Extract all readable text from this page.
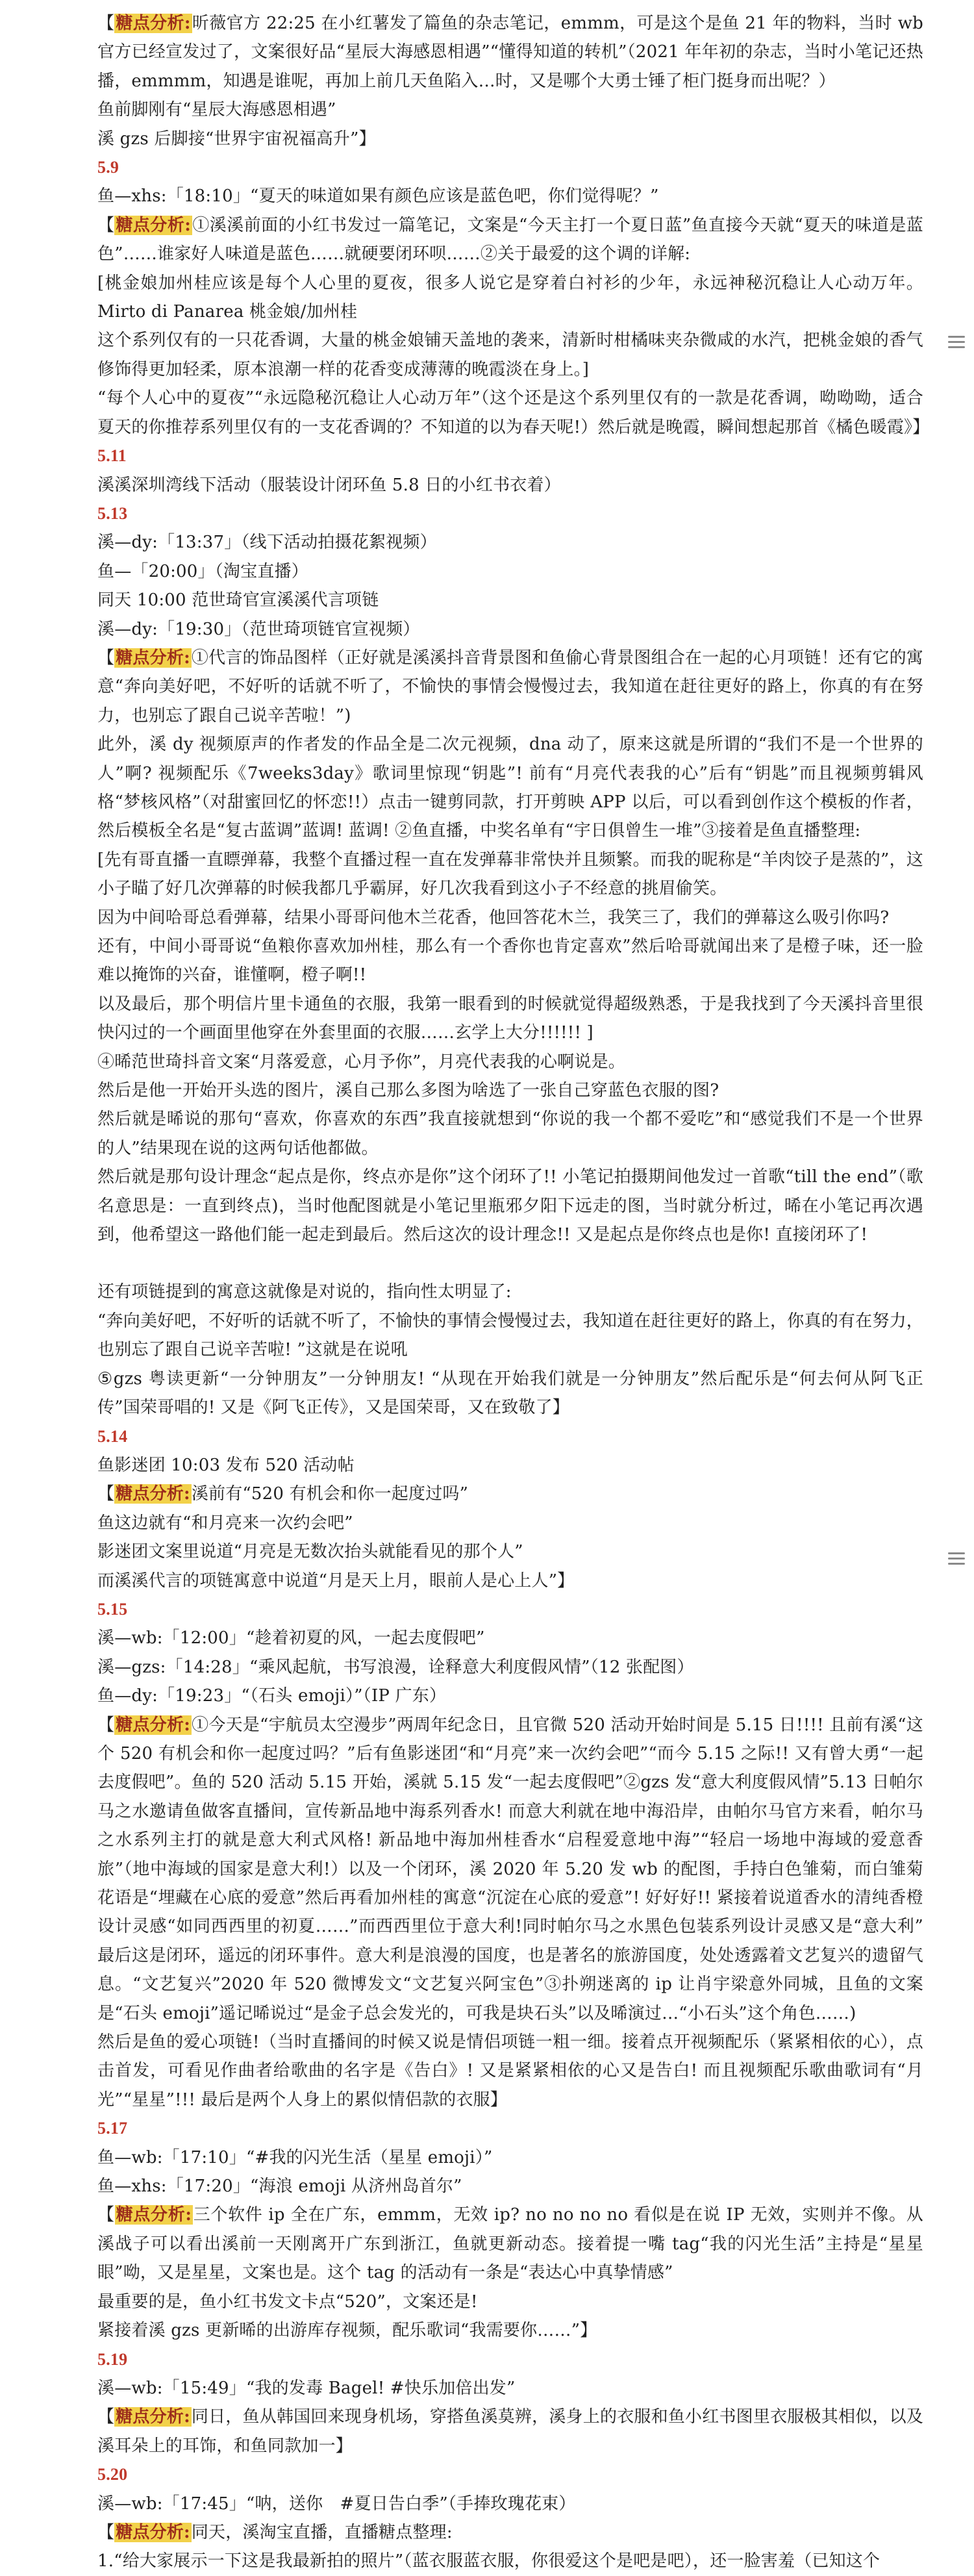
【糖点分析:昕薇官方 22:25 在小红薯发了篇鱼的杂志笔记，emmm，可是这个是鱼 21 年的物料，当时 wb 官方已经宣发过了，文案很好品“星辰大海感恩相遇”“懂得知道的转机”（2021 年年初的杂志，当时小笔记还热播，emmmm，知遇是谁呢，再加上前几天鱼陷入…时，又是哪个大勇士锤了柜门挺身而出呢？）

鱼前脚刚有“星辰大海感恩相遇”

溪 gzs 后脚接“世界宇宙祝福高升”】

5.9

鱼—xhs:「18:10」“夏天的味道如果有颜色应该是蓝色吧，你们觉得呢？”

【糖点分析:①溪溪前面的小红书发过一篇笔记，文案是“今天主打一个夏日蓝”鱼直接今天就“夏天的味道是蓝色”……谁家好人味道是蓝色……就硬要闭环呗……②关于最爱的这个调的详解:

[桃金娘加州桂应该是每个人心里的夏夜，很多人说它是穿着白衬衫的少年，永远神秘沉稳让人心动万年。Mirto di Panarea 桃金娘/加州桂

这个系列仅有的一只花香调，大量的桃金娘铺天盖地的袭来，清新时柑橘味夹杂微咸的水汽，把桃金娘的香气修饰得更加轻柔，原本浪潮一样的花香变成薄薄的晚霞淡在身上。]

“每个人心中的夏夜”“永远隐秘沉稳让人心动万年”（这个还是这个系列里仅有的一款是花香调，呦呦呦，适合夏天的你推荐系列里仅有的一支花香调的？不知道的以为春天呢!）然后就是晚霞，瞬间想起那首《橘色暖霞》】

5.11

溪溪深圳湾线下活动（服装设计闭环鱼 5.8 日的小红书衣着）

5.13

溪—dy:「13:37」（线下活动拍摄花絮视频）

鱼—「20:00」（淘宝直播）

同天 10:00 范世琦官宣溪溪代言项链

溪—dy:「19:30」（范世琦项链官宣视频）

【糖点分析:①代言的饰品图样（正好就是溪溪抖音背景图和鱼偷心背景图组合在一起的心月项链！还有它的寓意“奔向美好吧，不好听的话就不听了，不愉快的事情会慢慢过去，我知道在赶往更好的路上，你真的有在努力，也别忘了跟自己说辛苦啦！”)

此外，溪 dy 视频原声的作者发的作品全是二次元视频，dna 动了，原来这就是所谓的“我们不是一个世界的人”啊? 视频配乐《7weeks3day》歌词里惊现“钥匙”! 前有“月亮代表我的心”后有“钥匙”而且视频剪辑风格“梦核风格”（对甜蜜回忆的怀恋!!）点击一键剪同款，打开剪映 APP 以后，可以看到创作这个模板的作者，然后模板全名是“复古蓝调”蓝调! 蓝调! ②鱼直播，中奖名单有“宇日俱曾生一堆”③接着是鱼直播整理:

[先有哥直播一直瞟弹幕，我整个直播过程一直在发弹幕非常快并且频繁。而我的昵称是“羊肉饺子是蒸的”，这小子瞄了好几次弹幕的时候我都几乎霸屏，好几次我看到这小子不经意的挑眉偷笑。

因为中间哈哥总看弹幕，结果小哥哥问他木兰花香，他回答花木兰，我笑三了，我们的弹幕这么吸引你吗?

还有，中间小哥哥说“鱼粮你喜欢加州桂，那么有一个香你也肯定喜欢”然后哈哥就闻出来了是橙子味，还一脸难以掩饰的兴奋，谁懂啊，橙子啊!!

以及最后，那个明信片里卡通鱼的衣服，我第一眼看到的时候就觉得超级熟悉，于是我找到了今天溪抖音里很快闪过的一个画面里他穿在外套里面的衣服……玄学上大分!!!!!! ]

④晞范世琦抖音文案“月落爱意，心月予你”，月亮代表我的心啊说是。

然后是他一开始开头选的图片，溪自己那么多图为啥选了一张自己穿蓝色衣服的图?

然后就是晞说的那句“喜欢，你喜欢的东西”我直接就想到“你说的我一个都不爱吃”和“感觉我们不是一个世界的人”结果现在说的这两句话他都做。

然后就是那句设计理念“起点是你，终点亦是你”这个闭环了!! 小笔记拍摄期间他发过一首歌“till the end”（歌名意思是：一直到终点)，当时他配图就是小笔记里瓶邪夕阳下远走的图，当时就分析过，晞在小笔记再次遇到，他希望这一路他们能一起走到最后。然后这次的设计理念!! 又是起点是你终点也是你! 直接闭环了!

还有项链提到的寓意这就像是对说的，指向性太明显了:

“奔向美好吧，不好听的话就不听了，不愉快的事情会慢慢过去，我知道在赶往更好的路上，你真的有在努力，也别忘了跟自己说辛苦啦! ”这就是在说吼

⑤gzs 粤读更新“一分钟朋友”一分钟朋友! “从现在开始我们就是一分钟朋友”然后配乐是“何去何从阿飞正传”国荣哥唱的! 又是《阿飞正传》，又是国荣哥，又在致敬了】

5.14

鱼影迷团 10:03 发布 520 活动帖

【糖点分析:溪前有“520 有机会和你一起度过吗”

鱼这边就有“和月亮来一次约会吧”

影迷团文案里说道“月亮是无数次抬头就能看见的那个人”

而溪溪代言的项链寓意中说道“月是天上月，眼前人是心上人”】

5.15

溪—wb:「12:00」“趁着初夏的风，一起去度假吧”

溪—gzs:「14:28」“乘风起航，书写浪漫，诠释意大利度假风情”（12 张配图）

鱼—dy:「19:23」“（石头 emoji）”（IP 广东）

【糖点分析:①今天是“宇航员太空漫步”两周年纪念日，且官微 520 活动开始时间是 5.15 日!!!! 且前有溪“这个 520 有机会和你一起度过吗？”后有鱼影迷团“和“月亮”来一次约会吧”“而今 5.15 之际!! 又有曾大勇“一起去度假吧”。鱼的 520 活动 5.15 开始，溪就 5.15 发“一起去度假吧”②gzs 发“意大利度假风情”5.13 日帕尔马之水邀请鱼做客直播间，宣传新品地中海系列香水! 而意大利就在地中海沿岸，由帕尔马官方来看，帕尔马之水系列主打的就是意大利式风格! 新品地中海加州桂香水“启程爱意地中海”“轻启一场地中海域的爱意香旅”（地中海域的国家是意大利!）以及一个闭环，溪 2020 年 5.20 发 wb 的配图，手持白色雏菊，而白雏菊花语是“埋藏在心底的爱意”然后再看加州桂的寓意“沉淀在心底的爱意”! 好好好!! 紧接着说道香水的清纯香橙设计灵感“如同西西里的初夏……”而西西里位于意大利!同时帕尔马之水黑色包装系列设计灵感又是“意大利”　最后这是闭环，遥远的闭环事件。意大利是浪漫的国度，也是著名的旅游国度，处处透露着文艺复兴的遗留气息。“文艺复兴”2020 年 520 微博发文“文艺复兴阿宝色”③扑朔迷离的 ip 让肖宇梁意外同城，且鱼的文案是“石头 emoji”遥记晞说过“是金子总会发光的，可我是块石头”以及晞演过…“小石头”这个角色……)

然后是鱼的爱心项链!（当时直播间的时候又说是情侣项链一粗一细。接着点开视频配乐（紧紧相依的心），点击首发，可看见作曲者给歌曲的名字是《告白》! 又是紧紧相依的心又是告白! 而且视频配乐歌曲歌词有“月光”“星星”!!! 最后是两个人身上的累似情侣款的衣服】

5.17

鱼—wb:「17:10」“#我的闪光生活（星星 emoji）”

鱼—xhs:「17:20」“海浪 emoji 从济州岛首尔”

【糖点分析:三个软件 ip 全在广东，emmm，无效 ip? no no no no 看似是在说 IP 无效，实则并不像。从溪战子可以看出溪前一天刚离开广东到浙江，鱼就更新动态。接着提一嘴 tag“我的闪光生活”主持是“星星眼”呦，又是星星，文案也是。这个 tag 的活动有一条是“表达心中真挚情感”

最重要的是，鱼小红书发文卡点“520”，文案还是!

紧接着溪 gzs 更新晞的出游库存视频，配乐歌词“我需要你……”】

5.19

溪—wb:「15:49」“我的发毒 Bagel! #快乐加倍出发”

【糖点分析:同日，鱼从韩国回来现身机场，穿搭鱼溪莫辨，溪身上的衣服和鱼小红书图里衣服极其相似，以及溪耳朵上的耳饰，和鱼同款加一】

5.20

溪—wb:「17:45」“呐，送你　#夏日告白季”（手捧玫瑰花束）

【糖点分析:同天，溪淘宝直播，直播糖点整理:

1.“给大家展示一下这是我最新拍的照片”（蓝衣服蓝衣服，你很爱这个是吧是吧），还一脸害羞（已知这个
